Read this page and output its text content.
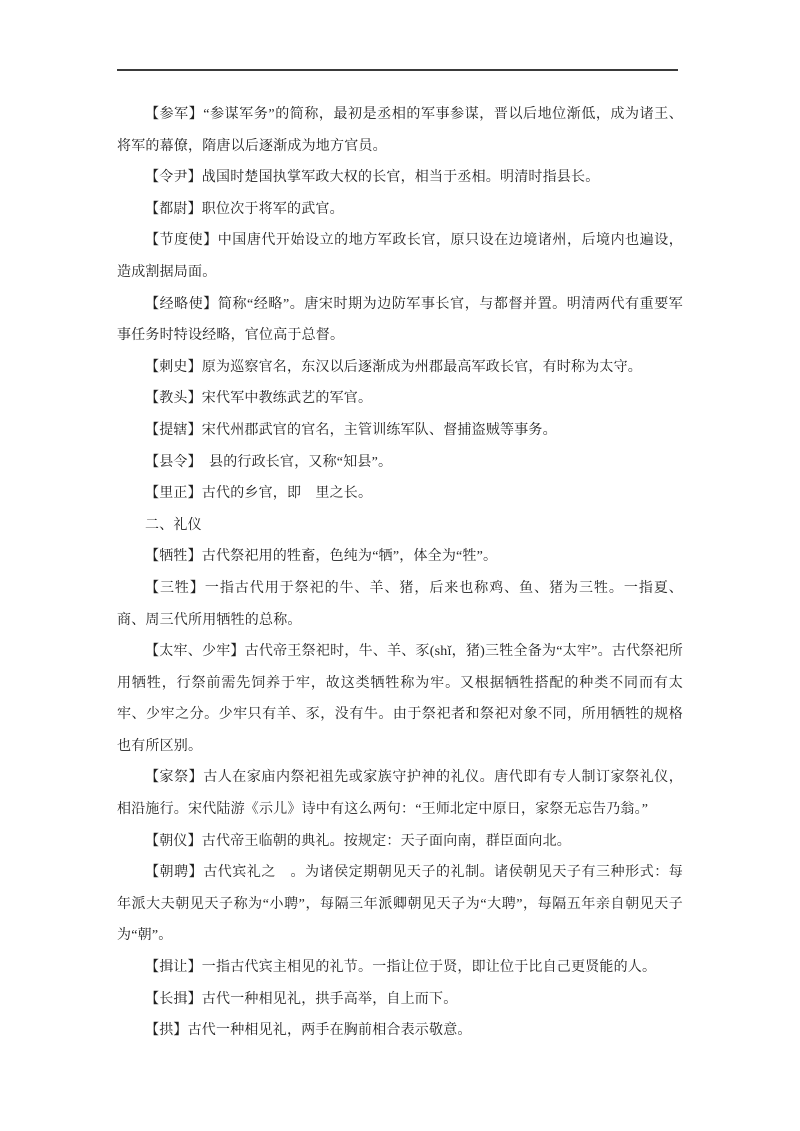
【参军】“参谋军务”的简称，最初是丞相的军事参谋，晋以后地位渐低，成为诸王、将军的幕僚，隋唐以后逐渐成为地方官员。

【令尹】战国时楚国执掌军政大权的长官，相当于丞相。明清时指县长。

【都尉】职位次于将军的武官。

【节度使】中国唐代开始设立的地方军政长官，原只设在边境诸州，后境内也遍设，造成割据局面。

【经略使】简称“经略”。唐宋时期为边防军事长官，与都督并置。明清两代有重要军事任务时特设经略，官位高于总督。

【刺史】原为巡察官名，东汉以后逐渐成为州郡最高军政长官，有时称为太守。

【教头】宋代军中教练武艺的军官。

【提辖】宋代州郡武官的官名，主管训练军队、督捕盗贼等事务。

【县令】　县的行政长官，又称“知县”。

【里正】古代的乡官，即　里之长。

二、礼仪

【牺牲】古代祭祀用的牲畜，色纯为“牺”，体全为“牲”。

【三牲】一指古代用于祭祀的牛、羊、猪，后来也称鸡、鱼、猪为三牲。一指夏、商、周三代所用牺牲的总称。

【太牢、少牢】古代帝王祭祀时，牛、羊、豕(shǐ，猪)三牲全备为“太牢”。古代祭祀所用牺牲，行祭前需先饲养于牢，故这类牺牲称为牢。又根据牺牲搭配的种类不同而有太牢、少牢之分。少牢只有羊、豕，没有牛。由于祭祀者和祭祀对象不同，所用牺牲的规格也有所区别。

【家祭】古人在家庙内祭祀祖先或家族守护神的礼仪。唐代即有专人制订家祭礼仪，相沿施行。宋代陆游《示儿》诗中有这么两句：“王师北定中原日，家祭无忘告乃翁。”

【朝仪】古代帝王临朝的典礼。按规定：天子面向南，群臣面向北。

【朝聘】古代宾礼之　。为诸侯定期朝见天子的礼制。诸侯朝见天子有三种形式：每年派大夫朝见天子称为“小聘”，每隔三年派卿朝见天子为“大聘”，每隔五年亲自朝见天子为“朝”。

【揖让】一指古代宾主相见的礼节。一指让位于贤，即让位于比自己更贤能的人。

【长揖】古代一种相见礼，拱手高举，自上而下。

【拱】古代一种相见礼，两手在胸前相合表示敬意。
